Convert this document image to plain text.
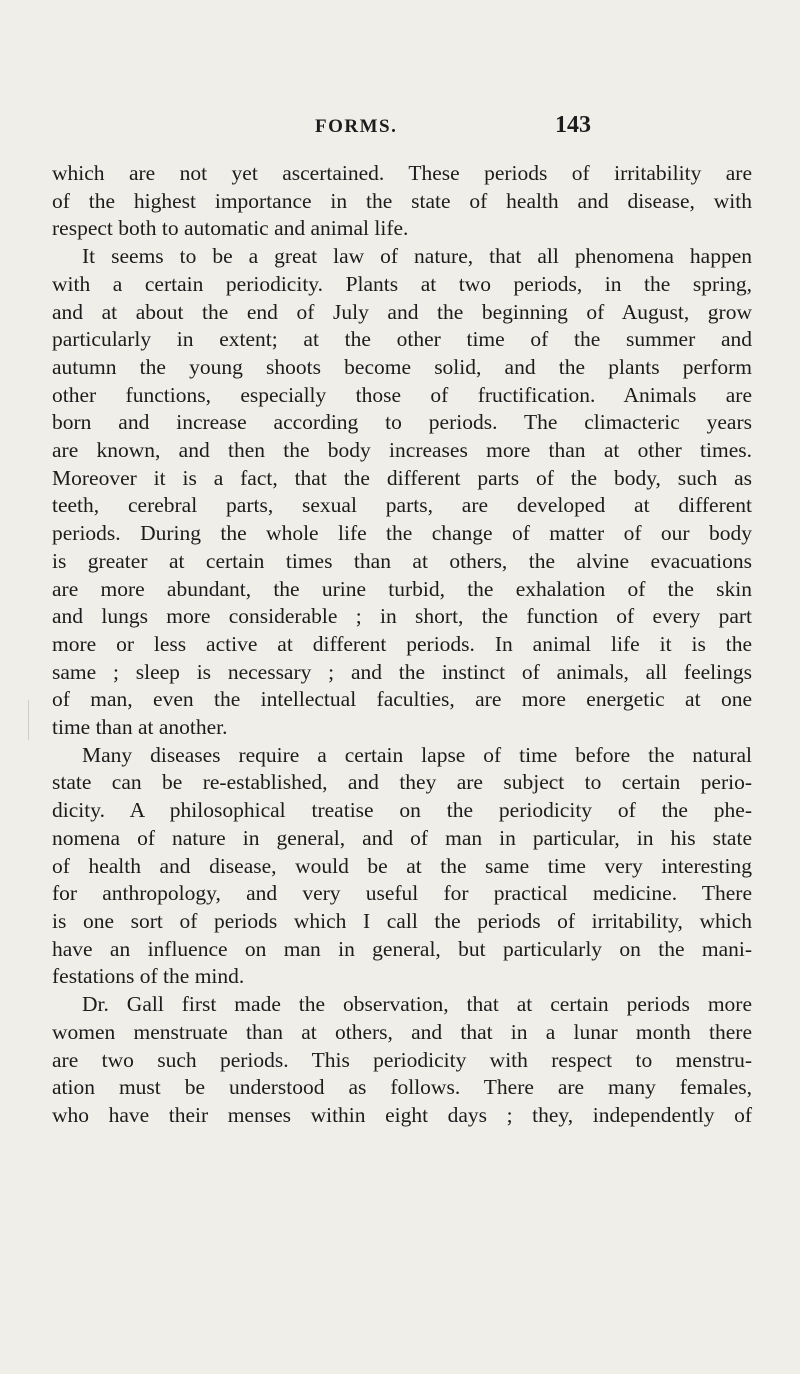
FORMS.	143
which are not yet ascertained. These periods of irritability are
of the highest importance in the state of health and disease, with
respect both to automatic and animal life.
It seems to be a great law of nature, that all phenomena happen
with a certain periodicity. Plants at two periods, in the spring,
and at about the end of July and the beginning of August, grow
particularly in extent; at the other time of the summer and
autumn the young shoots become solid, and the plants perform
other functions, especially those of fructification. Animals are
born and increase according to periods. The climacteric years
are known, and then the body increases more than at other times.
Moreover it is a fact, that the different parts of the body, such as
teeth, cerebral parts, sexual parts, are developed at different
periods. During the whole life the change of matter of our body
is greater at certain times than at others, the alvine evacuations
are more abundant, the urine turbid, the exhalation of the skin
and lungs more considerable ; in short, the function of every part
more or less active at different periods. In animal life it is the
same ; sleep is necessary ; and the instinct of animals, all feelings
of man, even the intellectual faculties, are more energetic at one
time than at another.
Many diseases require a certain lapse of time before the natural
state can be re-established, and they are subject to certain perio-
dicity. A philosophical treatise on the periodicity of the phe-
nomena of nature in general, and of man in particular, in his state
of health and disease, would be at the same time very interesting
for anthropology, and very useful for practical medicine. There
is one sort of periods which I call the periods of irritability, which
have an influence on man in general, but particularly on the mani-
festations of the mind.
Dr. Gall first made the observation, that at certain periods more
women menstruate than at others, and that in a lunar month there
are two such periods. This periodicity with respect to menstru-
ation must be understood as follows. There are many females,
who have their menses within eight days ; they, independently of
